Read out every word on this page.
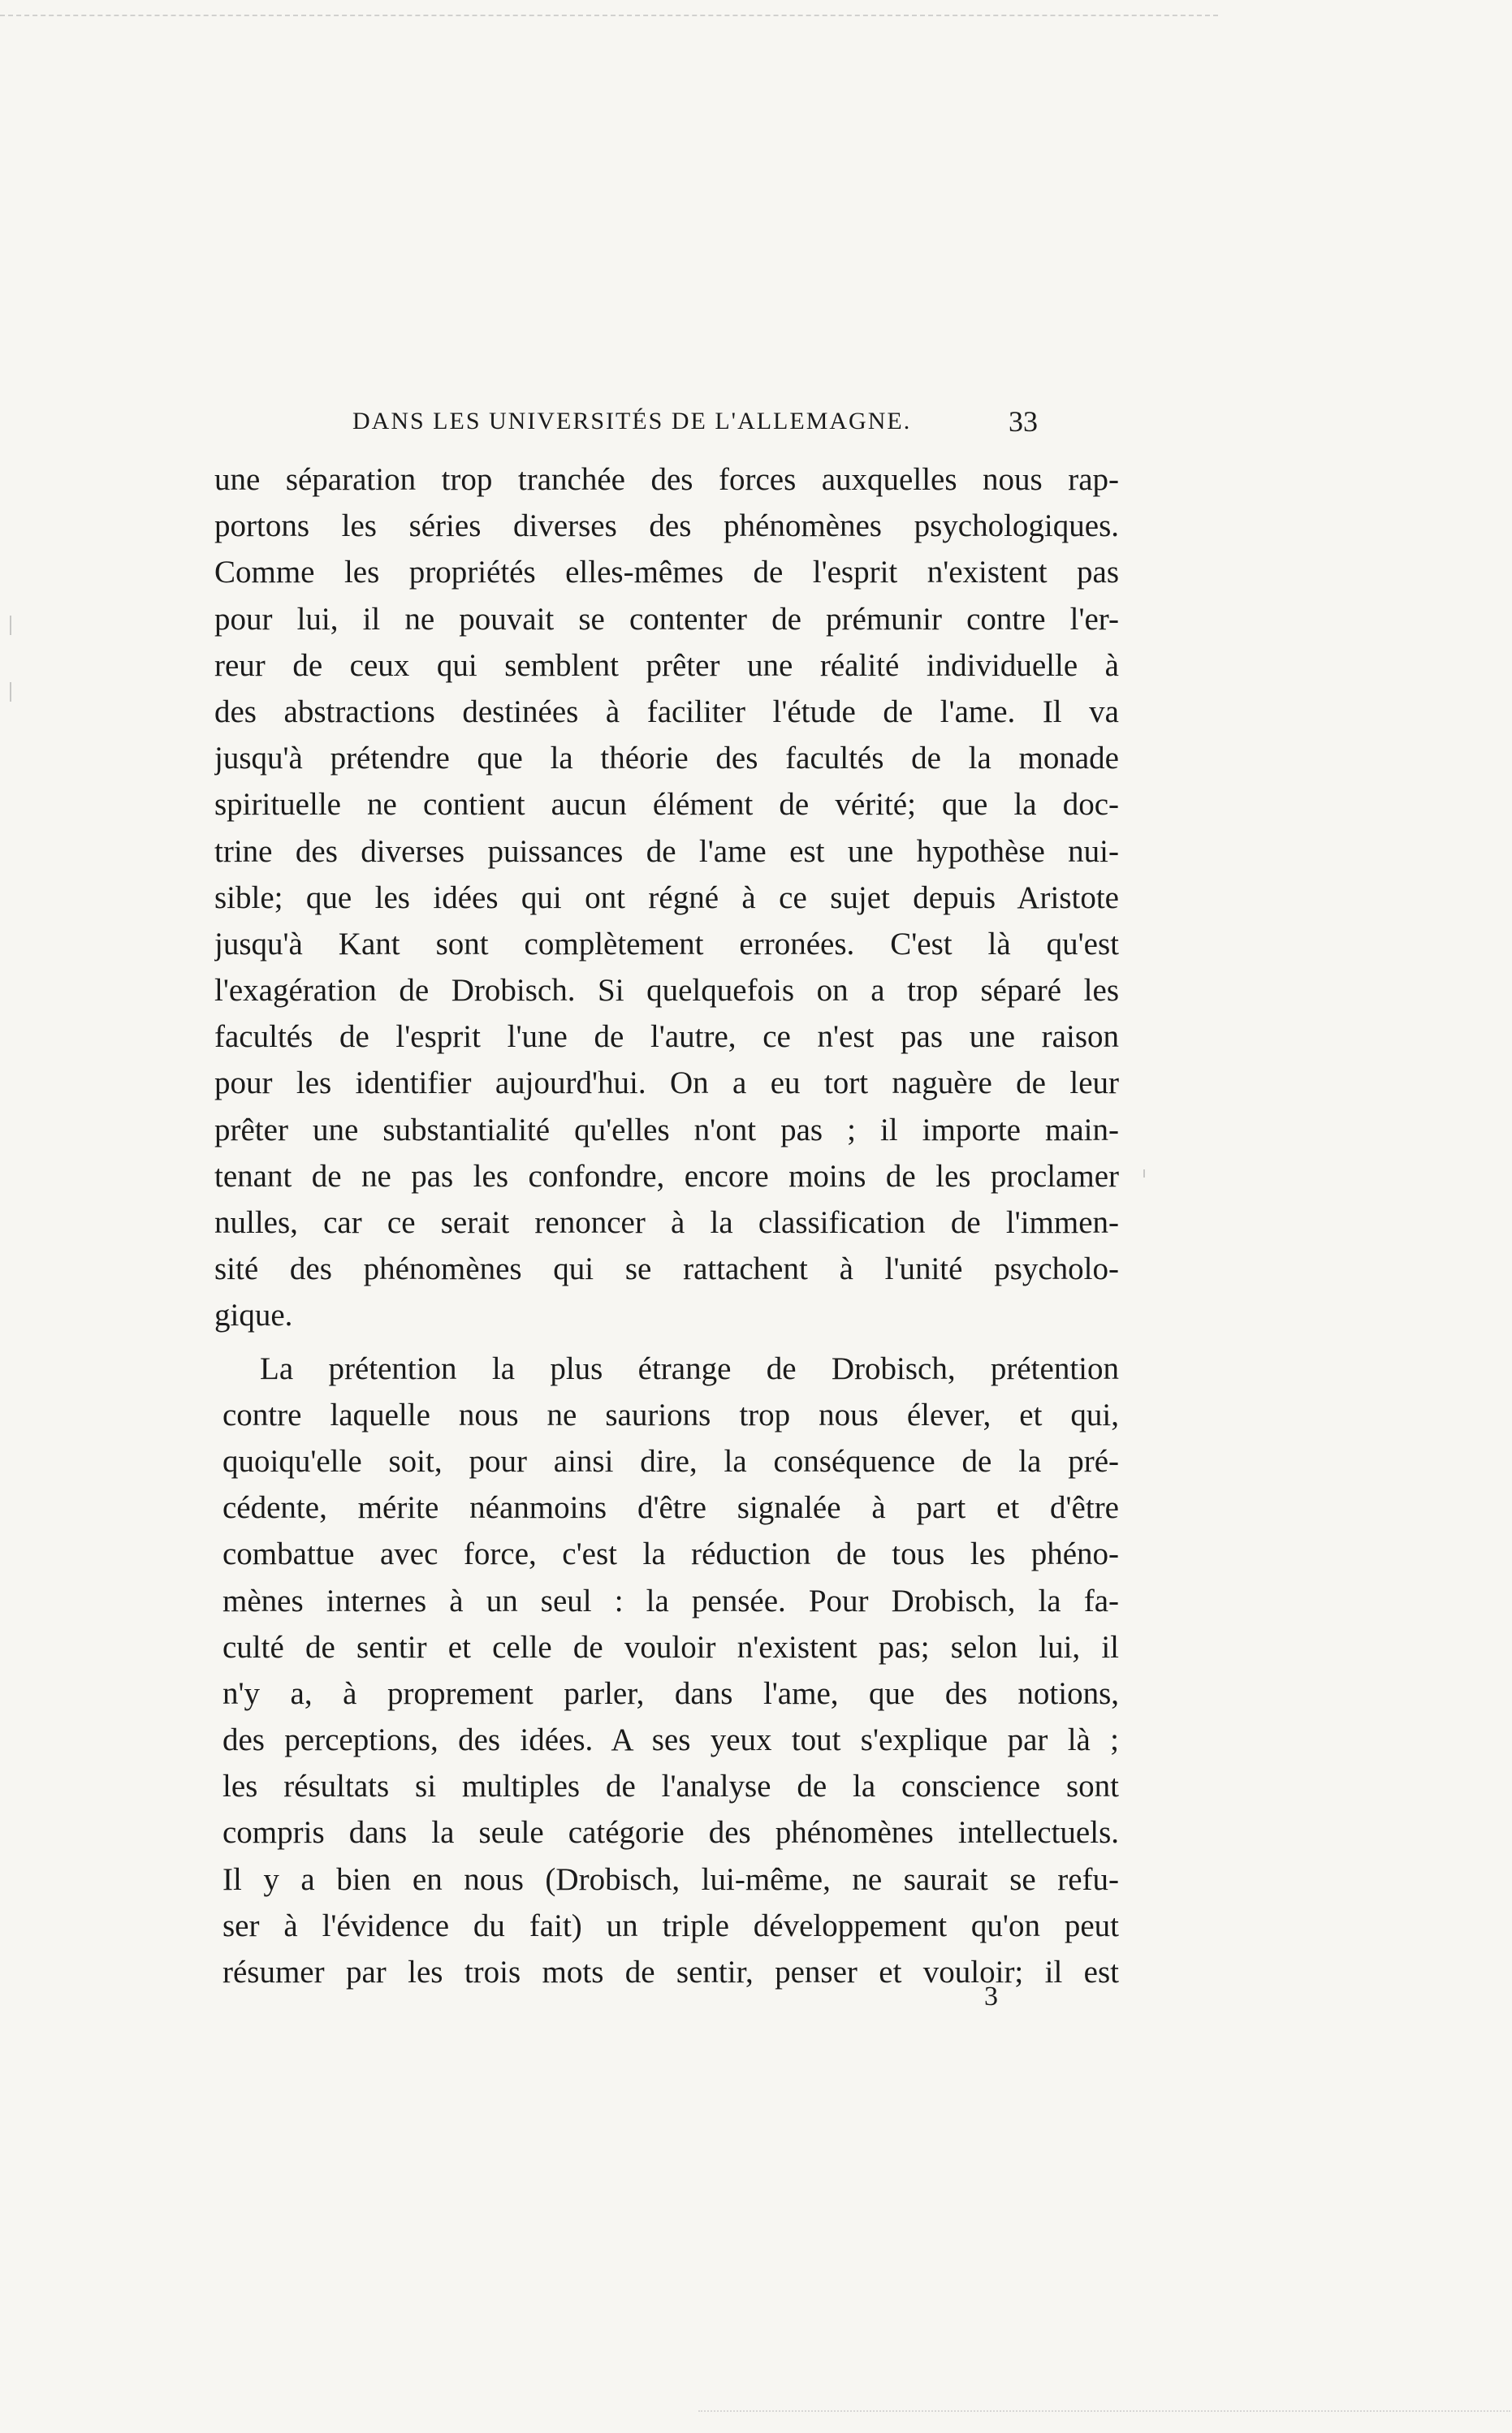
DANS LES UNIVERSITÉS DE L'ALLEMAGNE.	33
une séparation trop tranchée des forces auxquelles nous rap-
portons les séries diverses des phénomènes psychologiques.
Comme les propriétés elles-mêmes de l'esprit n'existent pas
pour lui, il ne pouvait se contenter de prémunir contre l'er-
reur de ceux qui semblent prêter une réalité individuelle à
des abstractions destinées à faciliter l'étude de l'ame. Il va
jusqu'à prétendre que la théorie des facultés de la monade
spirituelle ne contient aucun élément de vérité; que la doc-
trine des diverses puissances de l'ame est une hypothèse nui-
sible; que les idées qui ont régné à ce sujet depuis Aristote
jusqu'à Kant sont complètement erronées. C'est là qu'est
l'exagération de Drobisch. Si quelquefois on a trop séparé les
facultés de l'esprit l'une de l'autre, ce n'est pas une raison
pour les identifier aujourd'hui. On a eu tort naguère de leur
prêter une substantialité qu'elles n'ont pas ; il importe main-
tenant de ne pas les confondre, encore moins de les proclamer
nulles, car ce serait renoncer à la classification de l'immen-
sité des phénomènes qui se rattachent à l'unité psycholo-
gique.
La prétention la plus étrange de Drobisch, prétention
contre laquelle nous ne saurions trop nous élever, et qui,
quoiqu'elle soit, pour ainsi dire, la conséquence de la pré-
cédente, mérite néanmoins d'être signalée à part et d'être
combattue avec force, c'est la réduction de tous les phéno-
mènes internes à un seul : la pensée. Pour Drobisch, la fa-
culté de sentir et celle de vouloir n'existent pas; selon lui, il
n'y a, à proprement parler, dans l'ame, que des notions,
des perceptions, des idées. A ses yeux tout s'explique par là ;
les résultats si multiples de l'analyse de la conscience sont
compris dans la seule catégorie des phénomènes intellectuels.
Il y a bien en nous (Drobisch, lui-même, ne saurait se refu-
ser à l'évidence du fait) un triple développement qu'on peut
résumer par les trois mots de sentir, penser et vouloir; il est
3
